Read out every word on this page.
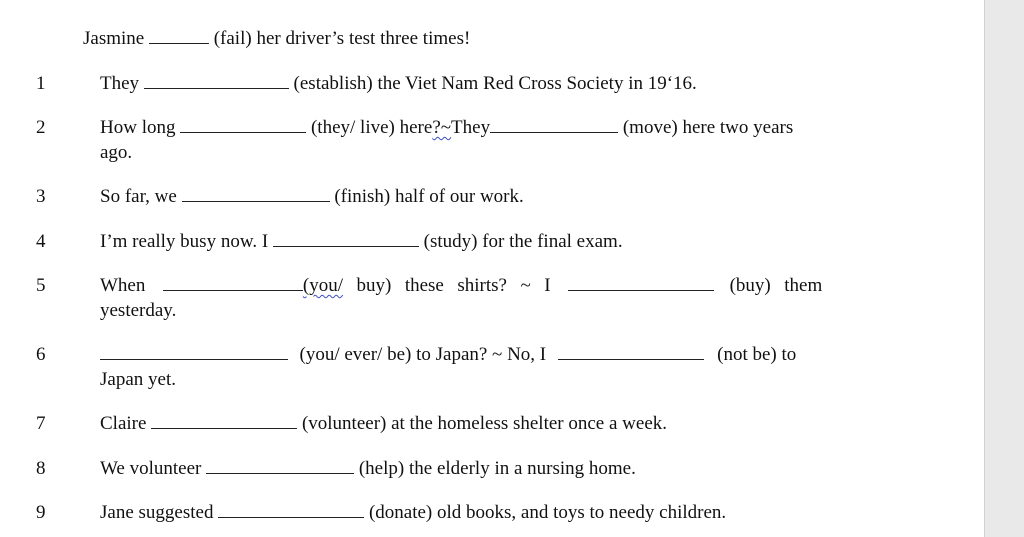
Jasmine	(fail) her driver’s test three times!
1	They	(establish) the Viet Nam Red Cross Society in 19‘16.
2	How long	(they/ live) here?~They	(move) here two years
ago.
3	So far, we	(finish) half of our work.
4	I’m really busy now. I	(study) for the final exam.
5	When	(you/ buy) these shirts? ~ I	(buy) them
yesterday.
6	(you/ ever/ be) to Japan? ~ No, I	(not be) to
Japan yet.
7	Claire	(volunteer) at the homeless shelter once a week.
8	We volunteer	(help) the elderly in a nursing home.
9	Jane suggested	(donate) old books, and toys to needy children.
